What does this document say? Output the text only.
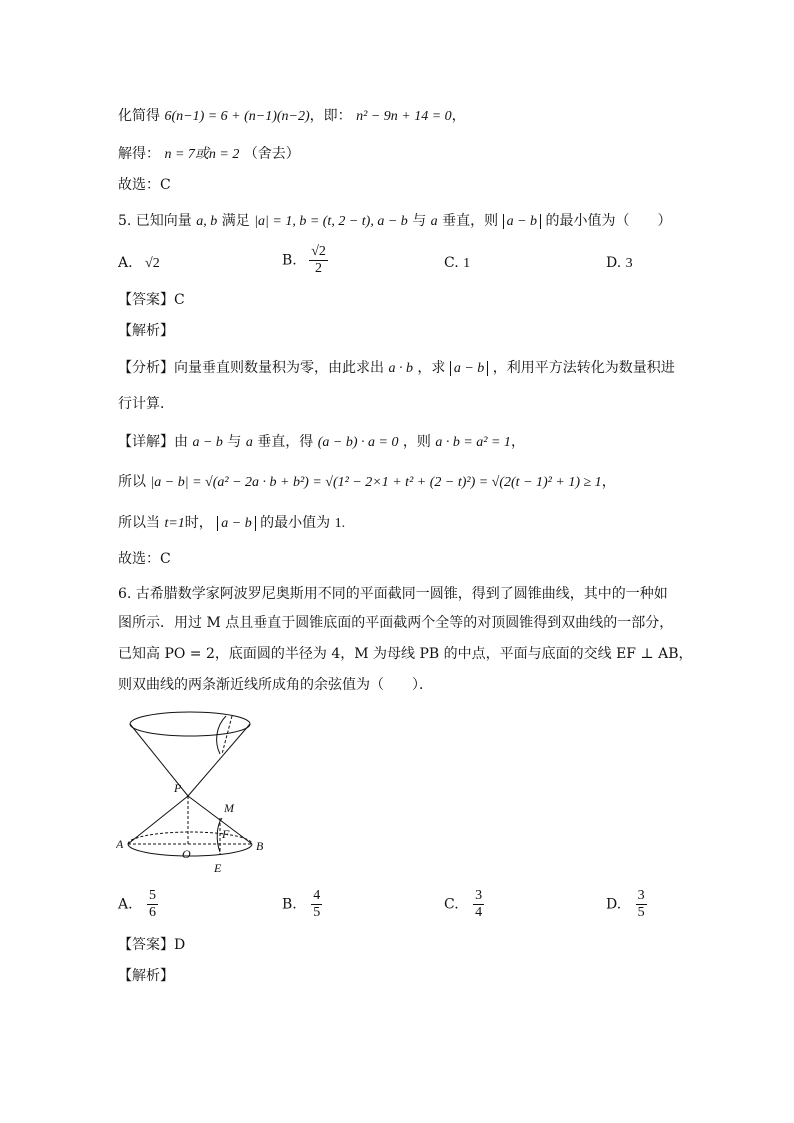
化简得 6(n−1) = 6 + (n−1)(n−2)，即： n² − 9n + 14 = 0，
解得： n = 7或n = 2 （舍去）
故选：C
5. 已知向量 a, b 满足 |a| = 1, b = (t, 2 − t), a − b 与 a 垂直，则 a − b 的最小值为（　　）
A. √2	B. $\frac{√2}{2}$	C. 1	D. 3
【答案】C
【解析】
【分析】向量垂直则数量积为零，由此求出 a · b ，求 a − b ，利用平方法转化为数量积进
行计算．
【详解】由 a − b 与 a 垂直，得 (a − b) · a = 0 ，则 a · b = a² = 1，
所以 |a − b| = √(a² − 2a · b + b²) = √(1² − 2×1 + t² + (2 − t)²) = √(2(t − 1)² + 1) ≥ 1，
所以当 t=1时， a − b 的最小值为 1.
故选：C
6. 古希腊数学家阿波罗尼奥斯用不同的平面截同一圆锥，得到了圆锥曲线，其中的一种如
图所示．用过 M 点且垂直于圆锥底面的平面截两个全等的对顶圆锥得到双曲线的一部分，
已知高 PO = 2，底面圆的半径为 4，M 为母线 PB 的中点，平面与底面的交线 EF ⊥ AB，
则双曲线的两条渐近线所成角的余弦值为（　　）．
P
M
A	B
O
E
F
A. $\frac{5}{6}$	B. $\frac{4}{5}$	C. $\frac{3}{4}$	D. $\frac{3}{5}$
【答案】D
【解析】
